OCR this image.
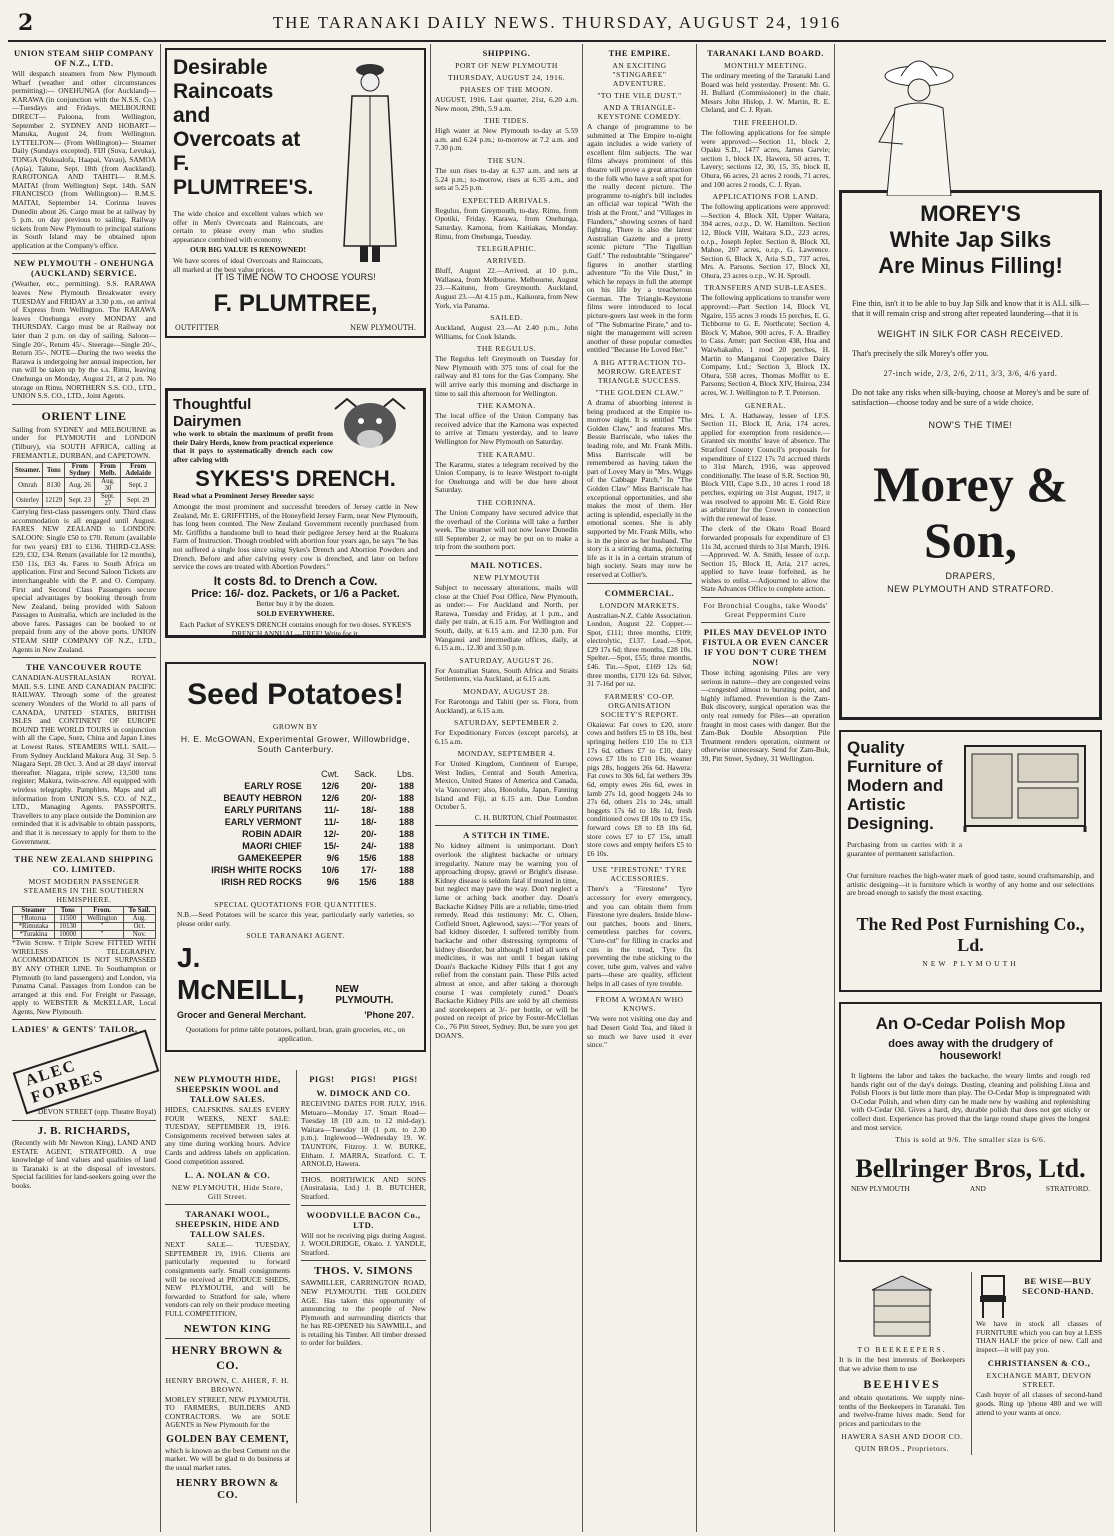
2	THE TARANAKI DAILY NEWS. THURSDAY, AUGUST 24, 1916

UNION STEAM SHIP COMPANY OF N.Z., LTD.

Will despatch steamers from New Plymouth Wharf (weather and other circumstances permitting):— ONEHUNGA (for Auckland)— KARAWA (in conjunction with the N.S.S. Co.)—Tuesdays and Fridays. MELBOURNE DIRECT— Paloona, from Wellington, September 2. SYDNEY AND HOBART— Manuka, August 24, from Wellington. LYTTELTON— (From Wellington)— Steamer Daily (Sundays excepted). FIJI (Suva, Levuka), TONGA (Nukualofa, Haapai, Vavau), SAMOA (Apia). Talune, Sept. 18th (from Auckland). RAROTONGA AND TAHITI— R.M.S. MAITAI (from Wellington) Sept. 14th. SAN FRANCISCO (from Wellington)— R.M.S. MAITAI, September 14. Corinna leaves Dunedin about 26. Cargo must be at railway by 5 p.m. on day previous to sailing. Railway tickets from New Plymouth to principal stations in South Island may be obtained upon application at the Company's office.

NEW PLYMOUTH - ONEHUNGA (AUCKLAND) SERVICE.

(Weather, etc., permitting). S.S. RARAWA leaves New Plymouth Breakwater every TUESDAY and FRIDAY at 3.30 p.m., on arrival of Express from Wellington. The RARAWA leaves Onehunga every MONDAY and THURSDAY. Cargo must be at Railway not later than 2 p.m. on day of sailing. Saloon—Single 20/-, Return 45/-. Steerage—Single 20/-, Return 35/-. NOTE—During the two weeks the Rarawa is undergoing her annual inspection, her run will be taken up by the s.s. Rimu, leaving Onehunga on Monday, August 21, at 2 p.m. No storage on Rimu. NORTHERN S.S. CO., LTD., UNION S.S. CO., LTD., Joint Agents.

ORIENT LINE

Sailing from SYDNEY and MELBOURNE as under for PLYMOUTH and LONDON (Tilbury), via SOUTH AFRICA, calling at FREMANTLE, DURBAN, and CAPETOWN.

Steamer.	Tons	From Sydney	From Melb.	From Adelaide
Omrah	8130	Aug. 26	Aug. 30	Sept. 2
Osterley	12129	Sept. 23	Sept. 27	Sept. 29

Carrying first-class passengers only. Third class accommodation is all engaged until August. FARES NEW ZEALAND to LONDON: SALOON: Single £50 to £70. Return (available for two years) £81 to £136. THIRD-CLASS: £29, £32, £34. Return (available for 12 months), £50 11s, £63 4s. Fares to South Africa on application. First and Second Saloon Tickets are interchangeable with the P. and O. Company. First and Second Class Passengers secure special advantages by booking through from New Zealand, being provided with Saloon Passages to Australia, which are included in the above fares. Passages can be booked to or prepaid from any of the above ports. UNION STEAM SHIP COMPANY OF N.Z., LTD., Agents in New Zealand.

THE VANCOUVER ROUTE

CANADIAN-AUSTRALASIAN ROYAL MAIL S.S. LINE AND CANADIAN PACIFIC RAILWAY. Through some of the greatest scenery Wonders of the World to all parts of CANADA, UNITED STATES, BRITISH ISLES and CONTINENT OF EUROPE ROUND THE WORLD TOURS in conjunction with all the Cape, Suez, China and Japan Lines at Lowest Rates. STEAMERS WILL SAIL— From Sydney Auckland Makura Aug. 31 Sep. 5 Niagara Sept. 28 Oct. 3. And at 28 days' interval thereafter. Niagara, triple screw, 13,500 tons register; Makura, twin-screw. All equipped with wireless telegraphy. Pamphlets, Maps and all information from UNION S.S. CO. of N.Z., LTD., Managing Agents. PASSPORTS. Travellers to any place outside the Dominion are reminded that it is advisable to obtain passports, and that it is necessary to apply for them to the Government.

THE NEW ZEALAND SHIPPING CO. LIMITED.

MOST MODERN PASSENGER STEAMERS IN THE SOUTHERN HEMISPHERE.

Steamer	Tons	From.	To Sail.
†Rotorua	11500	Wellington	Aug.
*Rimutaka	10130	"	Oct.
*Turakina	10000	"	Nov.

*Twin Screw. †Triple Screw FITTED WITH WIRELESS TELEGRAPHY. ACCOMMODATION IS NOT SURPASSED BY ANY OTHER LINE. To Southampton or Plymouth (to land passengers) and London, via Panama Canal. Passages from London can be arranged at this end. For Freight or Passage, apply to WEBSTER & McKELLAR, Local Agents, New Plymouth.

LADIES' & GENTS' TAILOR,

ALEC FORBES

DEVON STREET (opp. Theatre Royal)

J. B. RICHARDS,

(Recently with Mr Newton King), LAND AND ESTATE AGENT, STRATFORD. A true knowledge of land values and qualities of land in Taranaki is at the disposal of investors. Special facilities for land-seekers going over the books.

Desirable Raincoats and Overcoats at F. PLUMTREE'S.

The wide choice and excellent values which we offer in Men's Overcoats and Raincoats, are certain to please every man who studies appearance combined with economy.

OUR BIG VALUE IS RENOWNED!

We have scores of ideal Overcoats and Raincoats, all marked at the best value prices.

IT IS TIME NOW TO CHOOSE YOURS!
F. PLUMTREE,
OUTFITTER	NEW PLYMOUTH.
Thoughtful Dairymen

who work to obtain the maximum of profit from their Dairy Herds, know from practical experience that it pays to systematically drench each cow after calving with

SYKES'S DRENCH.

Read what a Prominent Jersey Breeder says:

Amongst the most prominent and successful breeders of Jersey cattle in New Zealand, Mr. E. GRIFFITHS, of the Honeyfield Jersey Farm, near New Plymouth, has long been counted. The New Zealand Government recently purchased from Mr. Griffiths a handsome bull to head their pedigree Jersey herd at the Ruakura Farm of Instruction. Though troubled with abortion four years ago, he says "he has not suffered a single loss since using Sykes's Drench and Abortion Powders and Drench. Before and after calving every cow is drenched, and later on before service the cows are treated with Abortion Powders."

It costs 8d. to Drench a Cow.
Price: 16/- doz. Packets, or 1/6 a Packet.

Better buy it by the dozen.

SOLD EVERYWHERE.

Each Packet of SYKES'S DRENCH contains enough for two doses. SYKES'S DRENCH ANNUAL—FREE! Write for it.

Seed Potatoes!

GROWN BY

H. E. McGOWAN, Experimental Grower, Willowbridge, South Canterbury.

Cwt.	Sack.	Lbs.
EARLY ROSE	12/6	20/-	188
BEAUTY HEBRON	12/6	20/-	188
EARLY PURITANS	11/-	18/-	188
EARLY VERMONT	11/-	18/-	188
ROBIN ADAIR	12/-	20/-	188
MAORI CHIEF	15/-	24/-	188
GAMEKEEPER	9/6	15/6	188
IRISH WHITE ROCKS	10/6	17/-	188
IRISH RED ROCKS	9/6	15/6	188

SPECIAL QUOTATIONS FOR QUANTITIES.

N.B.—Seed Potatoes will be scarce this year, particularly early varieties, so please order early.

SOLE TARANAKI AGENT.

J. McNEILL,	NEW PLYMOUTH.
Grocer and General Merchant.	'Phone 207.

Quotations for prime table potatoes, pollard, bran, grain groceries, etc., on application.

NEW PLYMOUTH HIDE, SHEEPSKIN WOOL and TALLOW SALES.

HIDES, CALFSKINS. SALES EVERY FOUR WEEKS, NEXT SALE: TUESDAY, SEPTEMBER 19, 1916. Consignments received between sales at any time during working hours. Advice Cards and address labels on application. Good competition assured.

L. A. NOLAN & CO.

NEW PLYMOUTH, Hide Store, Gill Street.

TARANAKI WOOL, SHEEPSKIN, HIDE AND TALLOW SALES.

NEXT SALE— TUESDAY, SEPTEMBER 19, 1916. Clients are particularly requested to forward consignments early. Small consignments will be received at PRODUCE SHEDS, NEW PLYMOUTH, and will be forwarded to Stratford for sale, where vendors can rely on their produce meeting FULL COMPETITION,

NEWTON KING

HENRY BROWN & CO.

HENRY BROWN, C. AHIER, F. H. BROWN.

MORLEY STREET, NEW PLYMOUTH. TO FARMERS, BUILDERS AND CONTRACTORS. We are SOLE AGENTS in New Plymouth for the

GOLDEN BAY CEMENT,

which is known as the best Cement on the market. We will be glad to do business at the usual market rates.

HENRY BROWN & CO.

PIGS! PIGS! PIGS!

W. DIMOCK AND CO.

RECEIVING DATES FOR JULY, 1916. Metuaro—Monday 17. Smart Road—Tuesday 18 (10 a.m. to 12 mid-day). Waitara—Tuesday 18 (1 p.m. to 2.30 p.m.). Inglewood—Wednesday 19. W. TAUNTON, Fitzroy. J. W. BURKE, Eltham. J. MARRA, Stratford. C. T. ARNOLD, Hawera.

THOS. BORTHWICK AND SONS (Australasia, Ltd.) J. B. BUTCHER, Stratford.

WOODVILLE BACON Co., LTD.

Will not be receiving pigs during August. J. WOOLDRIDGE, Okato. J. YANDLE, Stratford.

THOS. V. SIMONS

SAWMILLER, CARRINGTON ROAD, NEW PLYMOUTH. THE GOLDEN AGE. Has taken this opportunity of announcing to the people of New Plymouth and surrounding districts that he has RE-OPENED his SAWMILL, and is retailing his Timber. All timber dressed to order for builders.

SHIPPING.

PORT OF NEW PLYMOUTH

THURSDAY, AUGUST 24, 1916.

PHASES OF THE MOON.

AUGUST, 1916. Last quarter, 21st, 6.20 a.m. New moon, 29th, 5.9 a.m.

THE TIDES.

High water at New Plymouth to-day at 5.59 a.m. and 6.24 p.m.; to-morrow at 7.2 a.m. and 7.30 p.m.

THE SUN.

The sun rises to-day at 6.37 a.m. and sets at 5.24 p.m.; to-morrow, rises at 6.35 a.m., and sets at 5.25 p.m.

EXPECTED ARRIVALS.

Regulus, from Greymouth, to-day. Rimu, from Opotiki, Friday. Karawa, from Onehunga, Saturday. Kamona, from Kaitiakau, Monday. Rimu, from Onehunga, Tuesday.

TELEGRAPHIC.

ARRIVED.

Bluff, August 22.—Arrived, at 10 p.m., Wallasea, from Melbourne. Melbourne, August 23.—Kaitunu, from Greymouth. Auckland, August 23.—At 4.15 p.m., Kaikoura, from New York, via Panama.

SAILED.

Auckland, August 23.—At 2.40 p.m., John Williams, for Cook Islands.

THE REGULUS.

The Regulus left Greymouth on Tuesday for New Plymouth with 375 tons of coal for the railway and 81 tons for the Gas Company. She will arrive early this morning and discharge in time to sail this afternoon for Wellington.

THE KAMONA.

The local office of the Union Company has received advice that the Kamona was expected to arrive at Timaru yesterday, and to leave Wellington for New Plymouth on Saturday.

THE KARAMU.

The Karamu, states a telegram received by the Union Company, is to leave Westport to-night for Onehunga and will be due here about Saturday.

THE CORINNA.

The Union Company have secured advice that the overhaul of the Corinna will take a further week. The steamer will not now leave Dunedin till September 2, or may be put on to make a trip from the southern port.

MAIL NOTICES.

NEW PLYMOUTH

Subject to necessary alterations, mails will close at the Chief Post Office, New Plymouth, as under:— For Auckland and North, per Rarawa, Tuesday and Friday, at 1 p.m., and daily per train, at 6.15 a.m. For Wellington and South, daily, at 6.15 a.m. and 12.30 p.m. For Wanganui and intermediate offices, daily, at 6.15 a.m., 12.30 and 3.50 p.m.

SATURDAY, AUGUST 26.

For Australian States, South Africa and Straits Settlements, via Auckland, at 6.15 a.m.

MONDAY, AUGUST 28.

For Rarotonga and Tahiti (per ss. Flora, from Auckland), at 6.15 a.m.

SATURDAY, SEPTEMBER 2.

For Expeditionary Forces (except parcels), at 6.15 a.m.

MONDAY, SEPTEMBER 4.

For United Kingdom, Continent of Europe, West Indies, Central and South America, Mexico, United States of America and Canada, via Vancouver; also, Honolulu, Japan, Fanning Island and Fiji, at 6.15 a.m. Due London October 5.

C. H. BURTON, Chief Postmaster.

A STITCH IN TIME.

No kidney ailment is unimportant. Don't overlook the slightest backache or urinary irregularity. Nature may be warning you of approaching dropsy, gravel or Bright's disease. Kidney disease is seldom fatal if treated in time, but neglect may pave the way. Don't neglect a lame or aching back another day. Doan's Backache Kidney Pills are a reliable, time-tried remedy. Read this testimony: Mr. C. Olsen, Cotfield Street, Aglewood, says:—"For years of bad kidney disorder, I suffered terribly from backache and other distressing symptoms of kidney disorder, but although I tried all sorts of medicines, it was not until I began taking Doan's Backache Kidney Pills that I got any relief from the constant pain. These Pills acted almost at once, and after taking a thorough course I was completely cured." Doan's Backache Kidney Pills are sold by all chemists and storekeepers at 3/- per bottle, or will be posted on receipt of price by Foster-McClellan Co., 76 Pitt Street, Sydney. But, be sure you get DOAN'S.

THE EMPIRE.

AN EXCITING "STINGAREE" ADVENTURE.

"TO THE VILE DUST."

AND A TRIANGLE-KEYSTONE COMEDY.

A change of programme to be submitted at The Empire to-night again includes a wide variety of excellent film subjects. The war films always prominent of this theatre will prove a great attraction to the folk who have a soft spot for the really decent picture. The programme to-night's bill includes an official war topical "With the Irish at the Front," and "Villages in Flanders," showing scenes of hard fighting. There is also the latest Australian Gazette and a pretty scenic picture "The Tigullian Gulf." The redoubtable "Stingaree" figures in another startling adventure "To the Vile Dust," in which he repays in full the attempt on his life by a treacherous German. The Triangle-Keystone films were introduced to local picture-goers last week in the form of "The Submarine Pirate," and to-night the management will screen another of these popular comedies entitled "Because He Loved Her."

A BIG ATTRACTION TO-MORROW. GREATEST TRIANGLE SUCCESS.

"THE GOLDEN CLAW."

A drama of absorbing interest is being produced at the Empire to-morrow night. It is entitled "The Golden Claw," and features Mrs. Bessie Barriscale, who takes the leading role, and Mr. Frank Mills. Miss Barriscale will be remembered as having taken the part of Lovey Mary in "Mrs. Wiggs of the Cabbage Patch." In "The Golden Claw" Miss Barriscale has exceptional opportunities, and she makes the most of them. Her acting is splendid, especially in the emotional scenes. She is ably supported by Mr. Frank Mills, who is in the piece as her husband. The story is a stirring drama, picturing life as it is in a certain stratum of high society. Seats may now be reserved at Collier's.

COMMERCIAL.

LONDON MARKETS.

Australian-N.Z. Cable Association. London, August 22. Copper.—Spot, £111; three months, £109; electrolytic, £137. Lead.—Spot, £29 17s 6d; three months, £28 10s. Spelter.—Spot, £55; three months, £46. Tin.—Spot, £169 12s 6d; three months, £170 12s 6d. Silver, 31 7-16d per oz.

FARMERS' CO-OP. ORGANISATION SOCIETY'S REPORT.

Okaiawa: Fat cows to £20, store cows and heifers £5 to £8 10s, best springing heifers £10 15s to £13 17s 6d, others £7 to £10, dairy cows £7 10s to £10 10s, weaner pigs 28s, hoggets 26s 6d. Hawera: Fat cows to 30s 6d, fat wethers 39s 6d, empty ewes 26s 6d, ewes in lamb 27s 1d, good hoggets 24s to 27s 6d, others 21s to 24s, small hoggets 17s 6d to 18s 1d, fresh conditioned cows £8 10s to £9 15s, forward cows £8 to £8 10s 6d, store cows £7 to £7 15s, small store cows and empty heifers £5 to £6 10s.

USE "FIRESTONE" TYRE ACCESSORIES.

There's a "Firestone" Tyre accessory for every emergency, and you can obtain them from Firestone tyre dealers. Inside blow-out patches, boots and liners, cementless patches for covers, "Cure-cut" for filling in cracks and cuts in the tread, Tyre fix preventing the tube sticking to the cover, tube gum, valves and valve parts—these are quality, efficient helps in all cases of tyre trouble.

FROM A WOMAN WHO KNOWS.

"We were not visiting one day and had Desert Gold Tea, and liked it so much we have used it ever since."

TARANAKI LAND BOARD.

MONTHLY MEETING.

The ordinary meeting of the Taranaki Land Board was held yesterday. Present: Mr. G. H. Bullard (Commissioner) in the chair, Messrs John Hislop, J. W. Martin, R. E. Cleland, and C. J. Ryan.

THE FREEHOLD.

The following applications for fee simple were approved:—Section 11, block 2, Opaku S.D., 1477 acres, James Garvie; section 1, block IX, Hawera, 50 acres, T. Lavery; sections 12, 30, 15, 35, block II, Ohura, 66 acres, 21 acres 2 roods, 71 acres, and 100 acres 2 roods, C. J. Ryan.

APPLICATIONS FOR LAND.

The following applications were approved:—Section 4, Block XII, Upper Waitara, 394 acres, o.r.p., D. W. Hamilton. Section 12, Block VIII, Waitara S.D., 223 acres, o.r.p., Joseph Jepler. Section 8, Block XI, Mahoe, 207 acres, o.r.p., G. Lawrence. Section 6, Block X, Aria S.D., 737 acres, Mrs. A. Parsons. Section 17, Block XI, Ohura, 23 acres o.r.p., W. H. Sproull.

TRANSFERS AND SUB-LEASES.

The following applications to transfer were approved:—Part Section 14, Block VI, Ngaire, 155 acres 3 roods 15 perches, E. G. Tichborne to G. E. Northcote; Section 4, Block V, Mahoe, 900 acres, F. A. Bradley to Cass. Amer; part Section 438, Hua and Waiwhakaiho, 1 rood 20 perches, H. Martin to Manganui Cooperative Dairy Company, Ltd.; Section 3, Block IX, Ohura, 558 acres, Thomas Moffitt to E. Parsons; Section 4, Block XIV, Huiroa, 234 acres, W. J. Wellington to P. T. Peterson.

GENERAL.

Mrs. I. A. Hathaway, lessee of I.F.S. Section 11, Block II, Aria, 174 acres, applied for exemption from residence.—Granted six months' leave of absence. The Stratford County Council's proposals for expenditure of £122 17s 7d accrued thirds to 31st March, 1916, was approved conditionally. The lease of S.R. Section 90, Block VIII, Cape S.D., 10 acres 1 rood 18 perches, expiring on 31st August, 1917, it was resolved to appoint Mr. E. Gold Rice as arbitrator for the Crown in connection with the renewal of lease.

The clerk of the Okato Road Board forwarded proposals for expenditure of £3 11s 3d, accrued thirds to 31st March, 1916.—Approved. W. A. Smith, lessee of o.r.p. Section 15, Block II, Aria, 217 acres, applied to have lease forfeited, as he wishes to enlist.—Adjourned to allow the State Advances Office to complete action.

For Bronchial Coughs, take Woods' Great Peppermint Cure

PILES MAY DEVELOP INTO FISTULA OR EVEN CANCER IF YOU DON'T CURE THEM NOW!

Those itching agonising Piles are very serious in nature—they are congested veins—congested almost to bursting point, and highly inflamed. Prevention is the Zam-Buk discovery, surgical operation was the only real remedy for Piles—an operation fraught in most cases with danger. But the Zam-Buk Double Absorption Pile Treatment renders operation, ointment or otherwise unnecessary. Send for Zam-Buk, 39, Pitt Street, Sydney, 31 Wellington.

MOREY'S
White Jap Silks
Are Minus Filling!

Fine thin, isn't it to be able to buy Jap Silk and know that it is ALL silk—that it will remain crisp and strong after repeated laundering—that it is

WEIGHT IN SILK FOR CASH RECEIVED.

That's precisely the silk Morey's offer you.

27-inch wide, 2/3, 2/6, 2/11, 3/3, 3/6, 4/6 yard.

Do not take any risks when silk-buying, choose at Morey's and be sure of satisfaction—choose today and be sure of a wide choice.

NOW'S THE TIME!

Morey & Son,

DRAPERS,

NEW PLYMOUTH AND STRATFORD.

Quality Furniture of Modern and Artistic Designing.

Purchasing from us carries with it a guarantee of permanent satisfaction.

Our furniture reaches the high-water mark of good taste, sound craftsmanship, and artistic designing—it is furniture which is worthy of any home and our selections are broad enough to satisfy the most exacting.

The Red Post Furnishing Co., Ld.

NEW PLYMOUTH

An O-Cedar Polish Mop
does away with the drudgery of housework!

It lightens the labor and takes the backache, the weary limbs and rough red hands right out of the day's doings. Dusting, cleaning and polishing Linoa and Polish Floors is but little more than play. The O-Cedar Mop is impregnated with O-Cedar Polish, and when dirty can be made new by washing and replenishing with O-Cedar Oil. Gives a hard, dry, durable polish that does not get sticky or collect dust. Experience has proved that the large round shape gives the longest and most service.

This is sold at 9/6. The smaller size is 6/6.

Bellringer Bros, Ltd.
NEW PLYMOUTH	AND	STRATFORD.

TO BEEKEEPERS.

It is in the best interests of Beekeepers that we advise them to use

BEEHIVES

and obtain quotations. We supply nine-tenths of the Beekeepers in Taranaki. Ten and twelve-frame hives made. Send for prices and particulars to the

HAWERA SASH AND DOOR CO.

QUIN BROS., Proprietors.

BE WISE—BUY SECOND-HAND.

We have in stock all classes of FURNITURE which you can buy at LESS THAN HALF the price of new. Call and inspect—it will pay you.

CHRISTIANSEN & CO.,

EXCHANGE MART, DEVON STREET.

Cash buyer of all classes of second-hand goods. Ring up 'phone 480 and we will attend to your wants at once.
